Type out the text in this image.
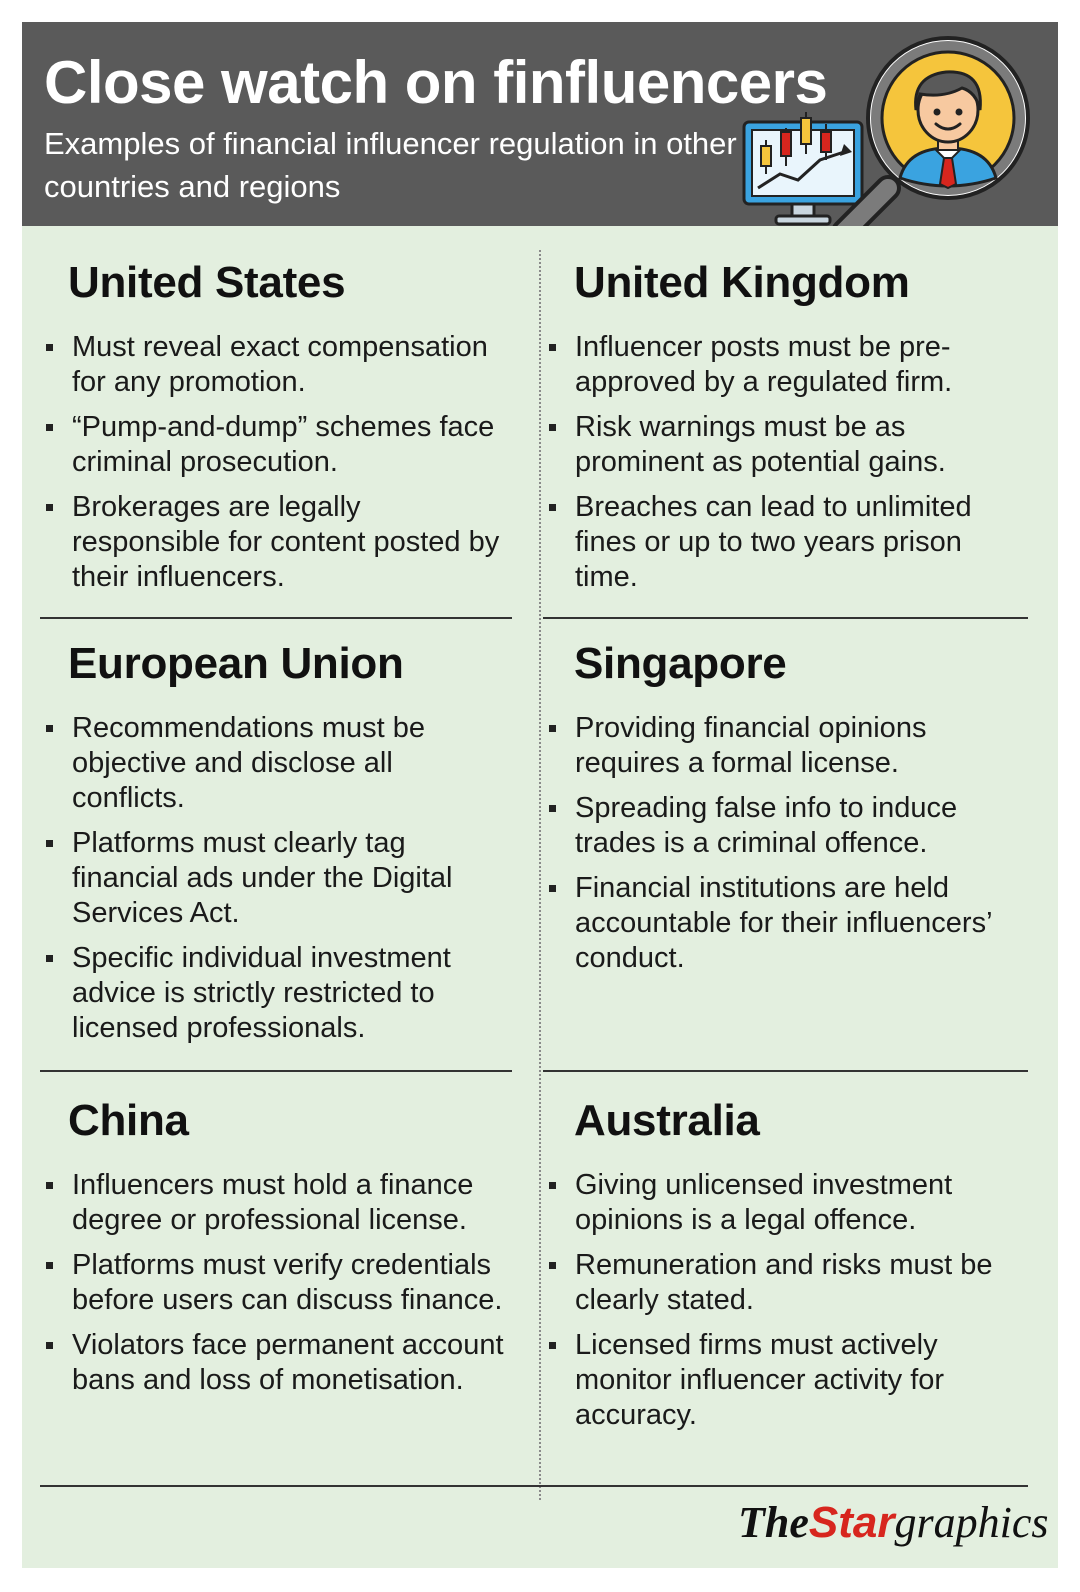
Close watch on finfluencers

Examples of financial influencer regulation in other countries and regions

United States
Must reveal exact compensation for any promotion.
“Pump-and-dump” schemes face criminal prosecution.
Brokerages are legally responsible for content posted by their influencers.
United Kingdom
Influencer posts must be pre-approved by a regulated firm.
Risk warnings must be as prominent as potential gains.
Breaches can lead to unlimited fines or up to two years prison time.
European Union
Recommendations must be objective and disclose all conflicts.
Platforms must clearly tag financial ads under the Digital Services Act.
Specific individual investment advice is strictly restricted to licensed professionals.
Singapore
Providing financial opinions requires a formal license.
Spreading false info to induce trades is a criminal offence.
Financial institutions are held accountable for their influencers’ conduct.
China
Influencers must hold a finance degree or professional license.
Platforms must verify credentials before users can discuss finance.
Violators face permanent account bans and loss of monetisation.
Australia
Giving unlicensed investment opinions is a legal offence.
Remuneration and risks must be clearly stated.
Licensed firms must actively monitor influencer activity for accuracy.
TheStargraphics
